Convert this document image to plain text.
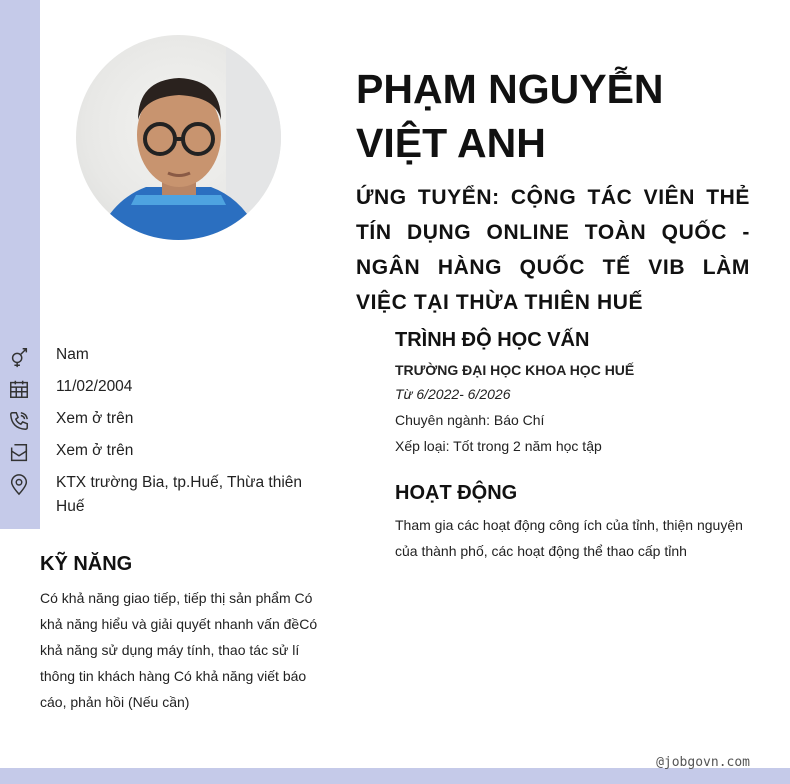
PHẠM NGUYỄN VIỆT ANH
ỨNG TUYỂN: CỘNG TÁC VIÊN THẺ TÍN DỤNG ONLINE TOÀN QUỐC - NGÂN HÀNG QUỐC TẾ VIB LÀM VIỆC TẠI THỪA THIÊN HUẾ
Nam
11/02/2004
Xem ở trên
Xem ở trên
KTX trường Bia, tp.Huế, Thừa thiên Huế
KỸ NĂNG
Có khả năng giao tiếp, tiếp thị sản phẩm Có khả năng hiểu và giải quyết nhanh vấn đềCó khả năng sử dụng máy tính, thao tác sử lí thông tin khách hàng Có khả năng viết báo cáo, phản hồi (Nếu cần)
TRÌNH ĐỘ HỌC VẤN
TRƯỜNG ĐẠI HỌC KHOA HỌC HUẾ
Từ 6/2022- 6/2026
Chuyên ngành: Báo Chí
Xếp loại: Tốt trong 2 năm học tập
HOẠT ĐỘNG
Tham gia các hoạt động công ích của tỉnh, thiện nguyện của thành phố, các hoạt động thể thao cấp tỉnh
@jobgovn.com
